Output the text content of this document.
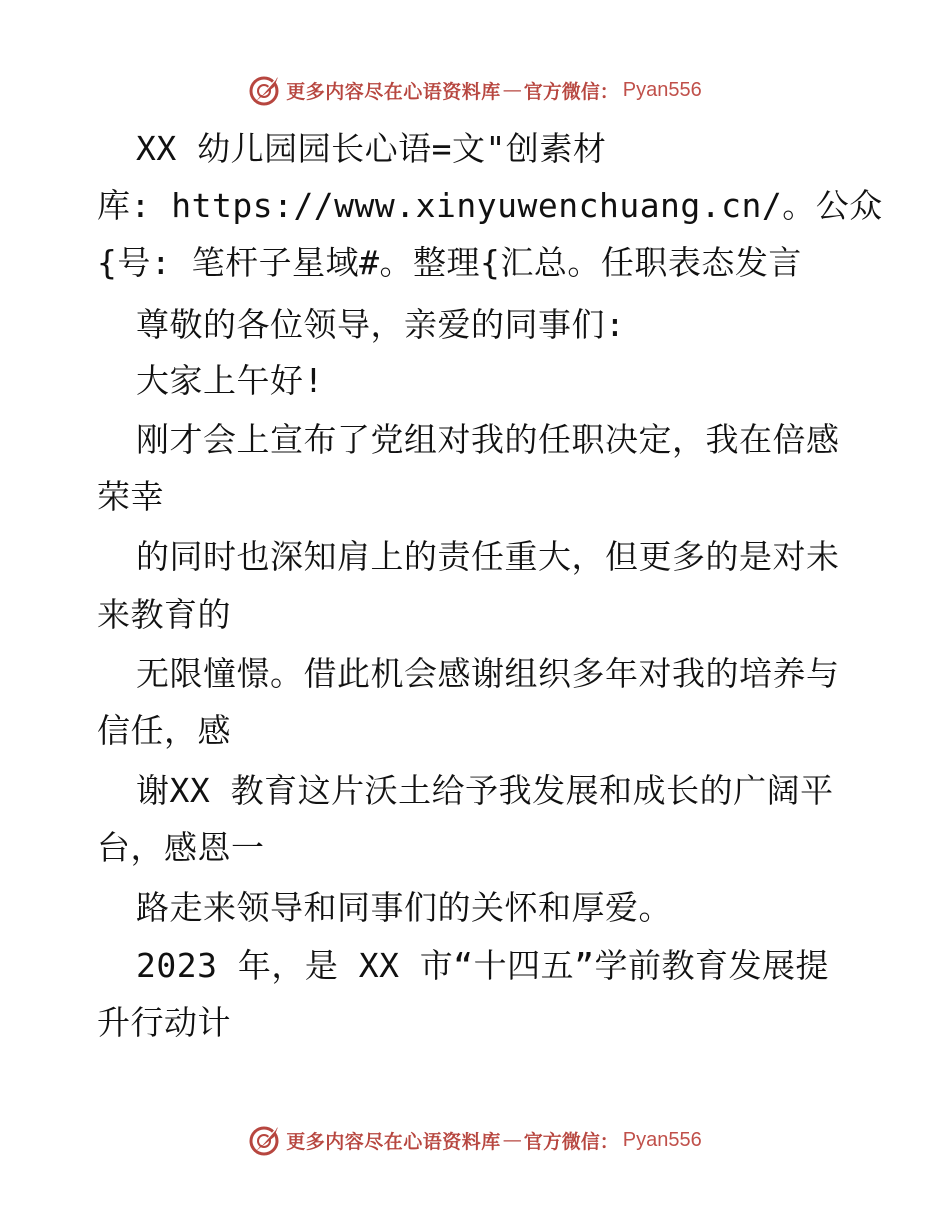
更多内容尽在心语资料库 — 官方微信： Pyan556
XX 幼儿园园长心语=文"创素材
库: https://www.xinyuwenchuang.cn/。公众
{号: 笔杆子星域#。整理{汇总。任职表态发言
尊敬的各位领导，亲爱的同事们:
大家上午好!
刚才会上宣布了党组对我的任职决定，我在倍感
荣幸
的同时也深知肩上的责任重大，但更多的是对未
来教育的
无限憧憬。借此机会感谢组织多年对我的培养与
信任，感
谢XX 教育这片沃土给予我发展和成长的广阔平
台，感恩一
路走来领导和同事们的关怀和厚爱。
2023 年，是 XX 市“十四五”学前教育发展提
升行动计
更多内容尽在心语资料库 — 官方微信： Pyan556
